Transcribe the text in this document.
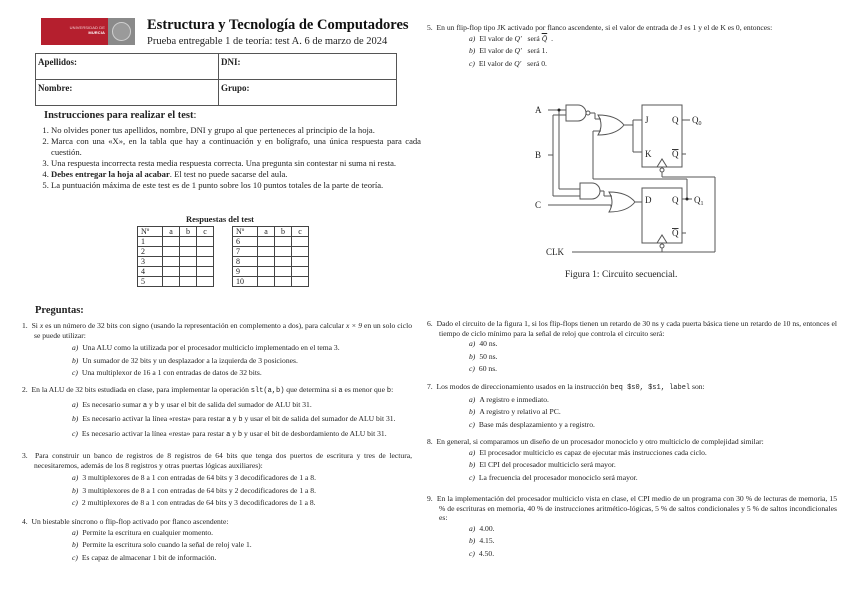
UNIVERSIDAD DE
MURCIA	Estructura y Tecnología de Computadores
Prueba entregable 1 de teoría: test A. 6 de marzo de 2024
Apellidos:	DNI:
Nombre:	Grupo:
Instrucciones para realizar el test:
1. No olvides poner tus apellidos, nombre, DNI y grupo al que perteneces al principio de la hoja.
2. Marca con una «X», en la tabla que hay a continuación y en bolígrafo, una única respuesta para cada cuestión.
3. Una respuesta incorrecta resta media respuesta correcta. Una pregunta sin contestar ni suma ni resta.
4. Debes entregar la hoja al acabar. El test no puede sacarse del aula.
5. La puntuación máxima de este test es de 1 punto sobre los 10 puntos totales de la parte de teoría.
Respuestas del test
Nº	a	b	c
1			
2			
3			
4			
5			
Nº	a	b	c
6			
7			
8			
9			
10			
Preguntas:
1. Si x es un número de 32 bits con signo (usando la representación en complemento a dos), para calcular x × 9 en un solo ciclo se puede utilizar:
a) Una ALU como la utilizada por el procesador multiciclo implementado en el tema 3.
b) Un sumador de 32 bits y un desplazador a la izquierda de 3 posiciones.
c) Una multiplexor de 16 a 1 con entradas de datos de 32 bits.
2. En la ALU de 32 bits estudiada en clase, para implementar la operación slt(a,b) que determina si a es menor que b:
a) Es necesario sumar a y b y usar el bit de salida del sumador de ALU bit 31.
b) Es necesario activar la línea «resta» para restar a y b y usar el bit de salida del sumador de ALU bit 31.
c) Es necesario activar la línea «resta» para restar a y b y usar el bit de desbordamiento de ALU bit 31.
3. Para construir un banco de registros de 8 registros de 64 bits que tenga dos puertos de escritura y tres de lectura, necesitaremos, además de los 8 registros y otras puertas lógicas auxiliares):
a) 3 multiplexores de 8 a 1 con entradas de 64 bits y 3 decodificadores de 1 a 8.
b) 3 multiplexores de 8 a 1 con entradas de 64 bits y 2 decodificadores de 1 a 8.
c) 2 multiplexores de 8 a 1 con entradas de 64 bits y 3 decodificadores de 1 a 8.
4. Un biestable síncrono o flip-flop activado por flanco ascendente:
a) Permite la escritura en cualquier momento.
b) Permite la escritura solo cuando la señal de reloj vale 1.
c) Es capaz de almacenar 1 bit de información.
5. En un flip-flop tipo JK activado por flanco ascendente, si el valor de entrada de J es 1 y el de K es 0, entonces:
a) El valor de Q' será Q̄ .
b) El valor de Q' será 1.
c) El valor de Q' será 0.
A
B
C
CLK
J
K
Q
Q
$Q_0$
D Q
Q
$Q_1$
Figura 1: Circuito secuencial.
6. Dado el circuito de la figura 1, si los flip-flops tienen un retardo de 30 ns y cada puerta básica tiene un retardo de 10 ns, entonces el tiempo de ciclo mínimo para la señal de reloj que controla el circuito será:
a) 40 ns.
b) 50 ns.
c) 60 ns.
7. Los modos de direccionamiento usados en la instrucción beq $s0, $s1, label son:
a) A registro e inmediato.
b) A registro y relativo al PC.
c) Base más desplazamiento y a registro.
8. En general, si comparamos un diseño de un procesador monociclo y otro multiciclo de complejidad similar:
a) El procesador multiciclo es capaz de ejecutar más instrucciones cada ciclo.
b) El CPI del procesador multiciclo será mayor.
c) La frecuencia del procesador monociclo será mayor.
9. En la implementación del procesador multiciclo vista en clase, el CPI medio de un programa con 30 % de lecturas de memoria, 15 % de escrituras en memoria, 40 % de instrucciones aritmético-lógicas, 5 % de saltos condicionales y 5 % de saltos incondicionales es:
a) 4.00.
b) 4.15.
c) 4.50.
